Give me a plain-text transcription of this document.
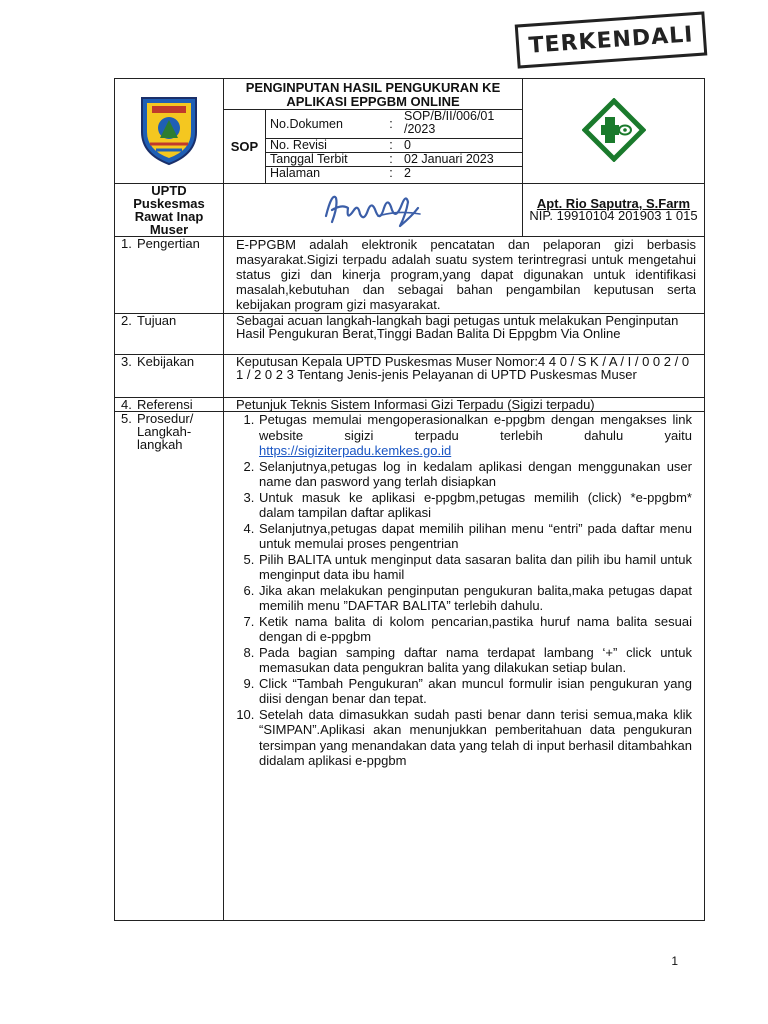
TERKENDALI
	PENGINPUTAN HASIL PENGUKURAN KE APLIKASI EPPGBM ONLINE	
SOP	
No.Dokumen	:	SOP/B/II/006/01 /2023
No. Revisi	:	0
Tanggal Terbit	:	02 Januari 2023
Halaman	:	2

UPTD Puskesmas Rawat Inap Muser		
Apt. Rio Saputra, S.Farm
NIP. 19910104 201903 1 015

1. Pengertian	E-PPGBM adalah elektronik pencatatan dan pelaporan gizi berbasis masyarakat.Sigizi terpadu adalah suatu system terintregrasi untuk mengetahui status gizi dan kinerja program,yang dapat digunakan untuk identifikasi masalah,kebutuhan dan sebagai bahan pengambilan keputusan serta kebijakan program gizi masyarakat.
2. Tujuan	Sebagai acuan langkah-langkah bagi petugas untuk melakukan Penginputan Hasil Pengukuran Berat,Tinggi Badan Balita Di Eppgbm Via Online
3. Kebijakan	Keputusan Kepala UPTD Puskesmas Muser Nomor:4 4 0 / S K / A / I / 0 0 2 / 0 1 / 2 0 2 3 Tentang Jenis-jenis Pelayanan di UPTD Puskesmas Muser
4. Referensi	Petunjuk Teknis Sistem Informasi Gizi Terpadu (Sigizi terpadu)

5. Prosedur/ Langkah-langkah

1. Petugas memulai mengoperasionalkan e-ppgbm dengan mengakses link website sigizi terpadu terlebih dahulu yaitu https://sigiziterpadu.kemkes.go.id
2. Selanjutnya,petugas log in kedalam aplikasi dengan menggunakan user name dan pasword yang terlah disiapkan
3. Untuk masuk ke aplikasi e-ppgbm,petugas memilih (click) *e-ppgbm* dalam tampilan daftar aplikasi
4. Selanjutnya,petugas dapat memilih pilihan menu “entri” pada daftar menu untuk memulai proses pengentrian
5. Pilih BALITA untuk menginput data sasaran balita dan pilih ibu hamil untuk menginput data ibu hamil
6. Jika akan melakukan penginputan pengukuran balita,maka petugas dapat memilih menu ”DAFTAR BALITA” terlebih dahulu.
7. Ketik nama balita di kolom pencarian,pastika huruf nama balita sesuai dengan di e-ppgbm
8. Pada bagian samping daftar nama terdapat lambang ‘+” click untuk memasukan data pengukran balita yang dilakukan setiap bulan.
9. Click “Tambah Pengukuran” akan muncul formulir isian pengukuran yang diisi dengan benar dan tepat.
10. Setelah data dimasukkan sudah pasti benar dann terisi semua,maka klik “SIMPAN”.Aplikasi akan menunjukkan pemberitahuan data pengukuran tersimpan yang menandakan data yang telah di input berhasil ditambahkan didalam aplikasi e-ppgbm
1
